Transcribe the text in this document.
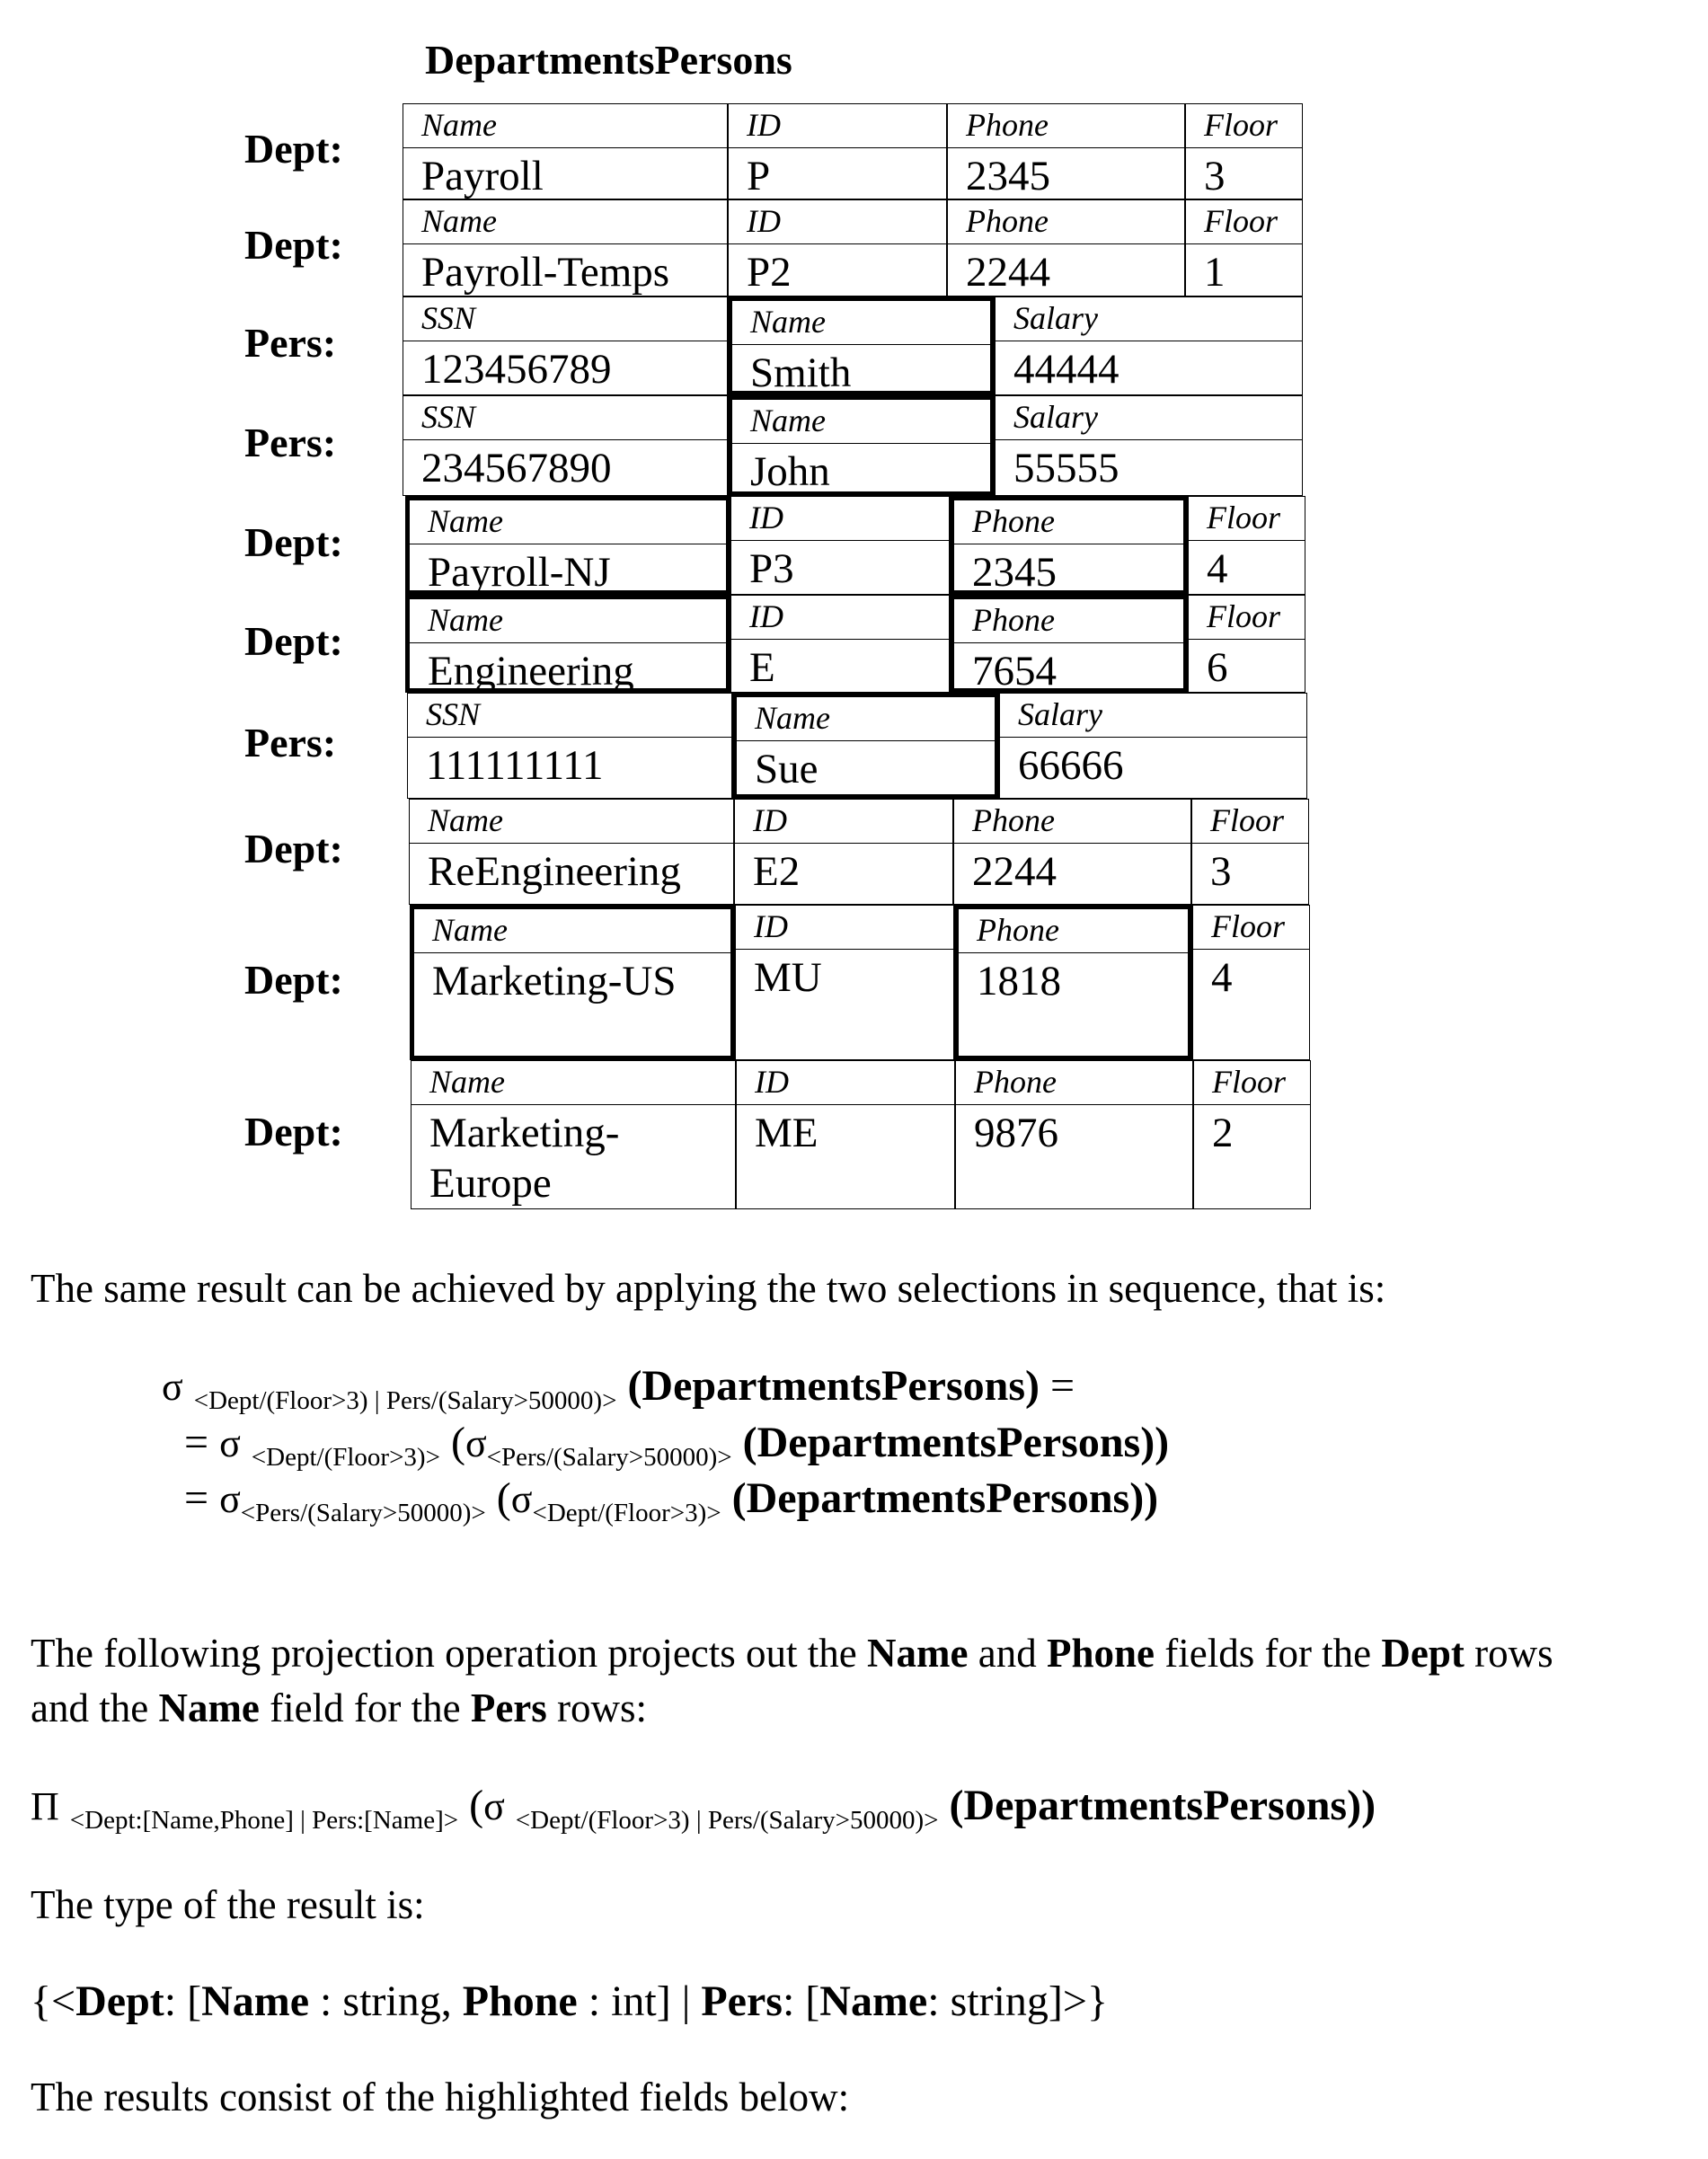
DepartmentsPersons
Dept:
Name
Payroll
ID
P
Phone
2345
Floor
3
Dept:
Name
Payroll-Temps
ID
P2
Phone
2244
Floor
1
Pers:
SSN
123456789
Name
Smith
Salary
44444
Pers:
SSN
234567890
Name
John
Salary
55555
Dept:	Name
Payroll-NJ
ID
P3
Phone
2345
Floor
4
Dept:	Name
Engineering
ID
E
Phone
7654
Floor
6
Pers:
SSN
111111111
Name
Sue
Salary
66666
Dept:
Name
ReEngineering
ID
E2
Phone
2244
Floor
3
Dept:
Name
Marketing-US
ID
MU
Phone
1818
Floor
4
Dept:
Name
Marketing-
Europe
ID
ME
Phone
9876
Floor
2
The same result can be achieved by applying the two selections in sequence, that is:
σ <Dept/(Floor>3) | Pers/(Salary>50000)> (DepartmentsPersons) =
= σ <Dept/(Floor>3)> (σ<Pers/(Salary>50000)> (DepartmentsPersons))
= σ<Pers/(Salary>50000)> (σ<Dept/(Floor>3)> (DepartmentsPersons))
The following projection operation projects out the Name and Phone fields for the Dept rows
and the Name field for the Pers rows:
Π <Dept:[Name,Phone] | Pers:[Name]> (σ <Dept/(Floor>3) | Pers/(Salary>50000)> (DepartmentsPersons))
The type of the result is:
{<Dept: [Name : string, Phone : int] | Pers: [Name: string]>}
The results consist of the highlighted fields below:
